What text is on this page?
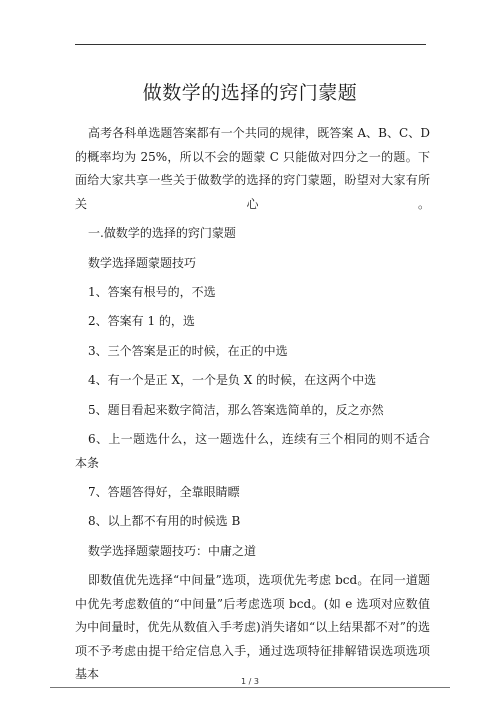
做数学的选择的窍门蒙题

高考各科单选题答案都有一个共同的规律，既答案 A、B、C、D 的概率均为 25%，所以不会的题蒙 C 只能做对四分之一的题。下面给大家共享一些关于做数学的选择的窍门蒙题，盼望对大家有所关心。

一.做数学的选择的窍门蒙题

数学选择题蒙题技巧

1、答案有根号的，不选

2、答案有 1 的，选

3、三个答案是正的时候，在正的中选

4、有一个是正 X，一个是负 X 的时候，在这两个中选

5、题目看起来数字简洁，那么答案选简单的，反之亦然

6、上一题选什么，这一题选什么，连续有三个相同的则不适合本条

7、答题答得好，全靠眼睛瞟

8、以上都不有用的时候选 B

数学选择题蒙题技巧：中庸之道

即数值优先选择“中间量”选项，选项优先考虑 bcd。在同一道题中优先考虑数值的“中间量”后考虑选项 bcd。(如 e 选项对应数值为中间量时，优先从数值入手考虑)消失诸如“以上结果都不对”的选项不予考虑由提干给定信息入手，通过选项特征排解错误选项选项基本

1 / 3
